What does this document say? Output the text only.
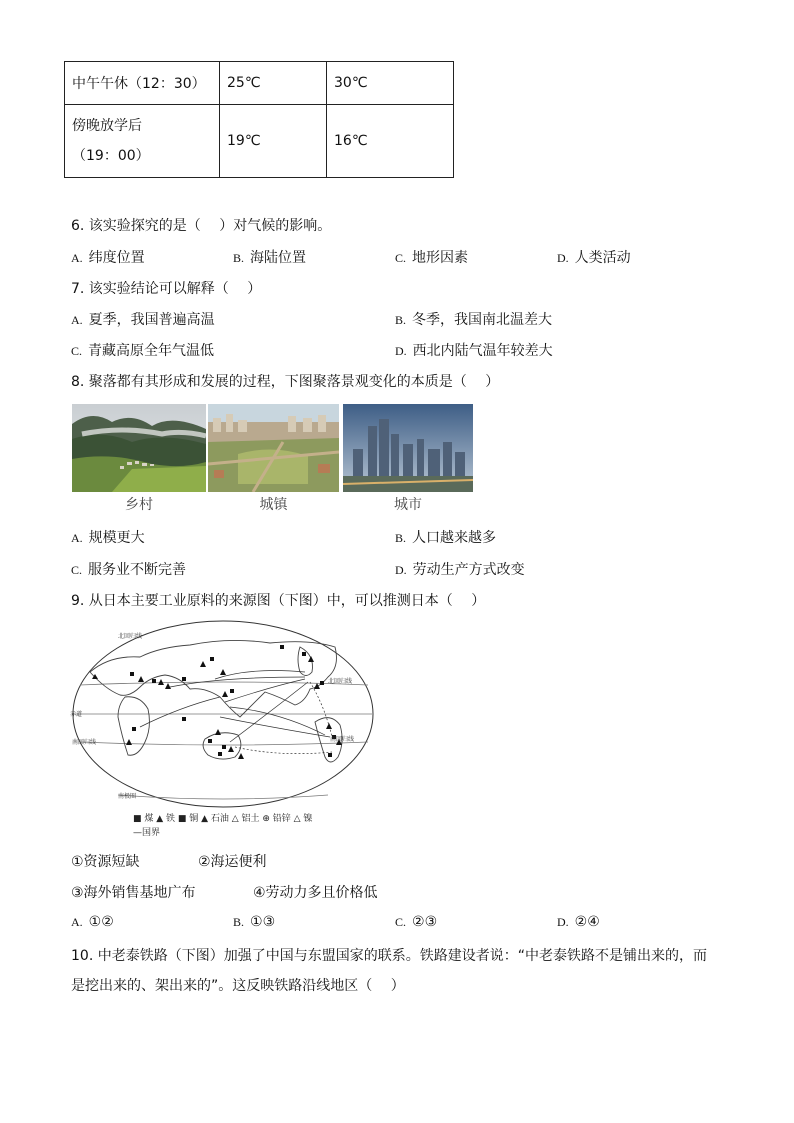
中午午休（12：30）	25℃	30℃

傍晚放学后
（19：00）	19℃	16℃
6. 该实验探究的是（　 ）对气候的影响。
A. 纬度位置	B. 海陆位置	C. 地形因素	D. 人类活动
7. 该实验结论可以解释（　 ）
A. 夏季，我国普遍高温	B. 冬季，我国南北温差大
C. 青藏高原全年气温低	D. 西北内陆气温年较差大
8. 聚落都有其形成和发展的过程，下图聚落景观变化的本质是（　 ）
乡村	城镇	城市
A. 规模更大	B. 人口越来越多
C. 服务业不断完善	D. 劳动生产方式改变
9. 从日本主要工业原料的来源图（下图）中，可以推测日本（　 ）
北回归线
赤道
南回归线	南回归线
南极圈
北回归线
■ 煤 ▲ 铁 ■ 铜 ▲ 石油 △ 铝土 ⊕ 铅锌 △ 镍
—国界
①资源短缺	②海运便利
③海外销售基地广布	④劳动力多且价格低
A. ①②	B. ①③	C. ②③	D. ②④
10. 中老泰铁路（下图）加强了中国与东盟国家的联系。铁路建设者说：“中老泰铁路不是铺出来的，而
是挖出来的、架出来的”。这反映铁路沿线地区（　 ）
